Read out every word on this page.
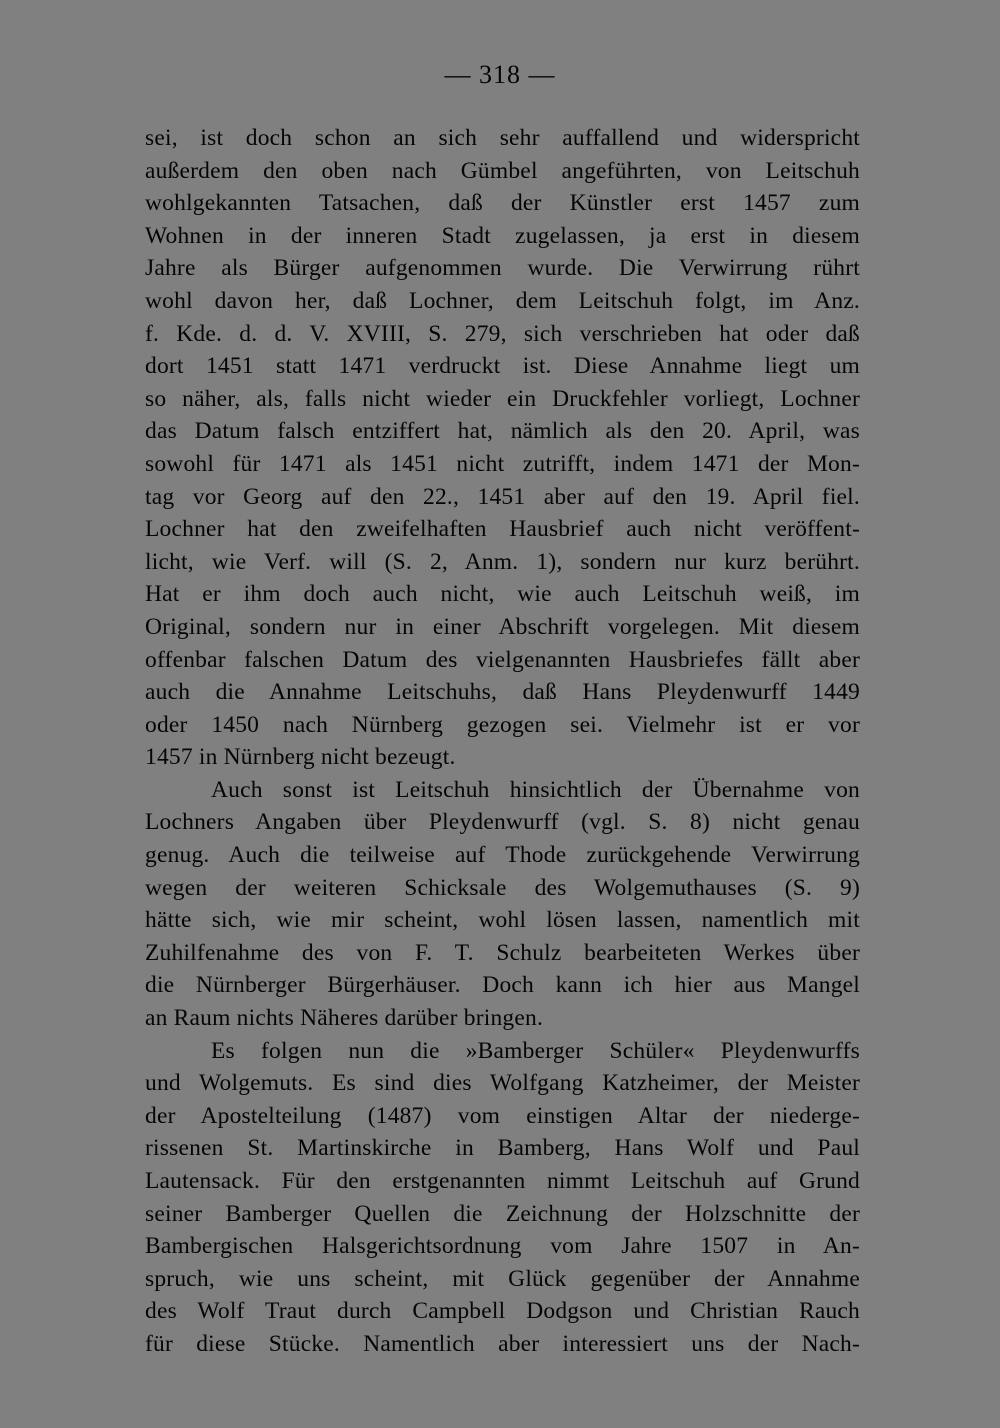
— 318 —
sei, ist doch schon an sich sehr auffallend und widerspricht
außerdem den oben nach Gümbel angeführten, von Leitschuh
wohlgekannten Tatsachen, daß der Künstler erst 1457 zum
Wohnen in der inneren Stadt zugelassen, ja erst in diesem
Jahre als Bürger aufgenommen wurde. Die Verwirrung rührt
wohl davon her, daß Lochner, dem Leitschuh folgt, im Anz.
f. Kde. d. d. V. XVIII, S. 279, sich verschrieben hat oder daß
dort 1451 statt 1471 verdruckt ist. Diese Annahme liegt um
so näher, als, falls nicht wieder ein Druckfehler vorliegt, Lochner
das Datum falsch entziffert hat, nämlich als den 20. April, was
sowohl für 1471 als 1451 nicht zutrifft, indem 1471 der Mon-
tag vor Georg auf den 22., 1451 aber auf den 19. April fiel.
Lochner hat den zweifelhaften Hausbrief auch nicht veröffent-
licht, wie Verf. will (S. 2, Anm. 1), sondern nur kurz berührt.
Hat er ihm doch auch nicht, wie auch Leitschuh weiß, im
Original, sondern nur in einer Abschrift vorgelegen. Mit diesem
offenbar falschen Datum des vielgenannten Hausbriefes fällt aber
auch die Annahme Leitschuhs, daß Hans Pleydenwurff 1449
oder 1450 nach Nürnberg gezogen sei. Vielmehr ist er vor
1457 in Nürnberg nicht bezeugt.
Auch sonst ist Leitschuh hinsichtlich der Übernahme von
Lochners Angaben über Pleydenwurff (vgl. S. 8) nicht genau
genug. Auch die teilweise auf Thode zurückgehende Verwirrung
wegen der weiteren Schicksale des Wolgemuthauses (S. 9)
hätte sich, wie mir scheint, wohl lösen lassen, namentlich mit
Zuhilfenahme des von F. T. Schulz bearbeiteten Werkes über
die Nürnberger Bürgerhäuser. Doch kann ich hier aus Mangel
an Raum nichts Näheres darüber bringen.
Es folgen nun die »Bamberger Schüler« Pleydenwurffs
und Wolgemuts. Es sind dies Wolfgang Katzheimer, der Meister
der Apostelteilung (1487) vom einstigen Altar der niederge-
rissenen St. Martinskirche in Bamberg, Hans Wolf und Paul
Lautensack. Für den erstgenannten nimmt Leitschuh auf Grund
seiner Bamberger Quellen die Zeichnung der Holzschnitte der
Bambergischen Halsgerichtsordnung vom Jahre 1507 in An-
spruch, wie uns scheint, mit Glück gegenüber der Annahme
des Wolf Traut durch Campbell Dodgson und Christian Rauch
für diese Stücke. Namentlich aber interessiert uns der Nach-
